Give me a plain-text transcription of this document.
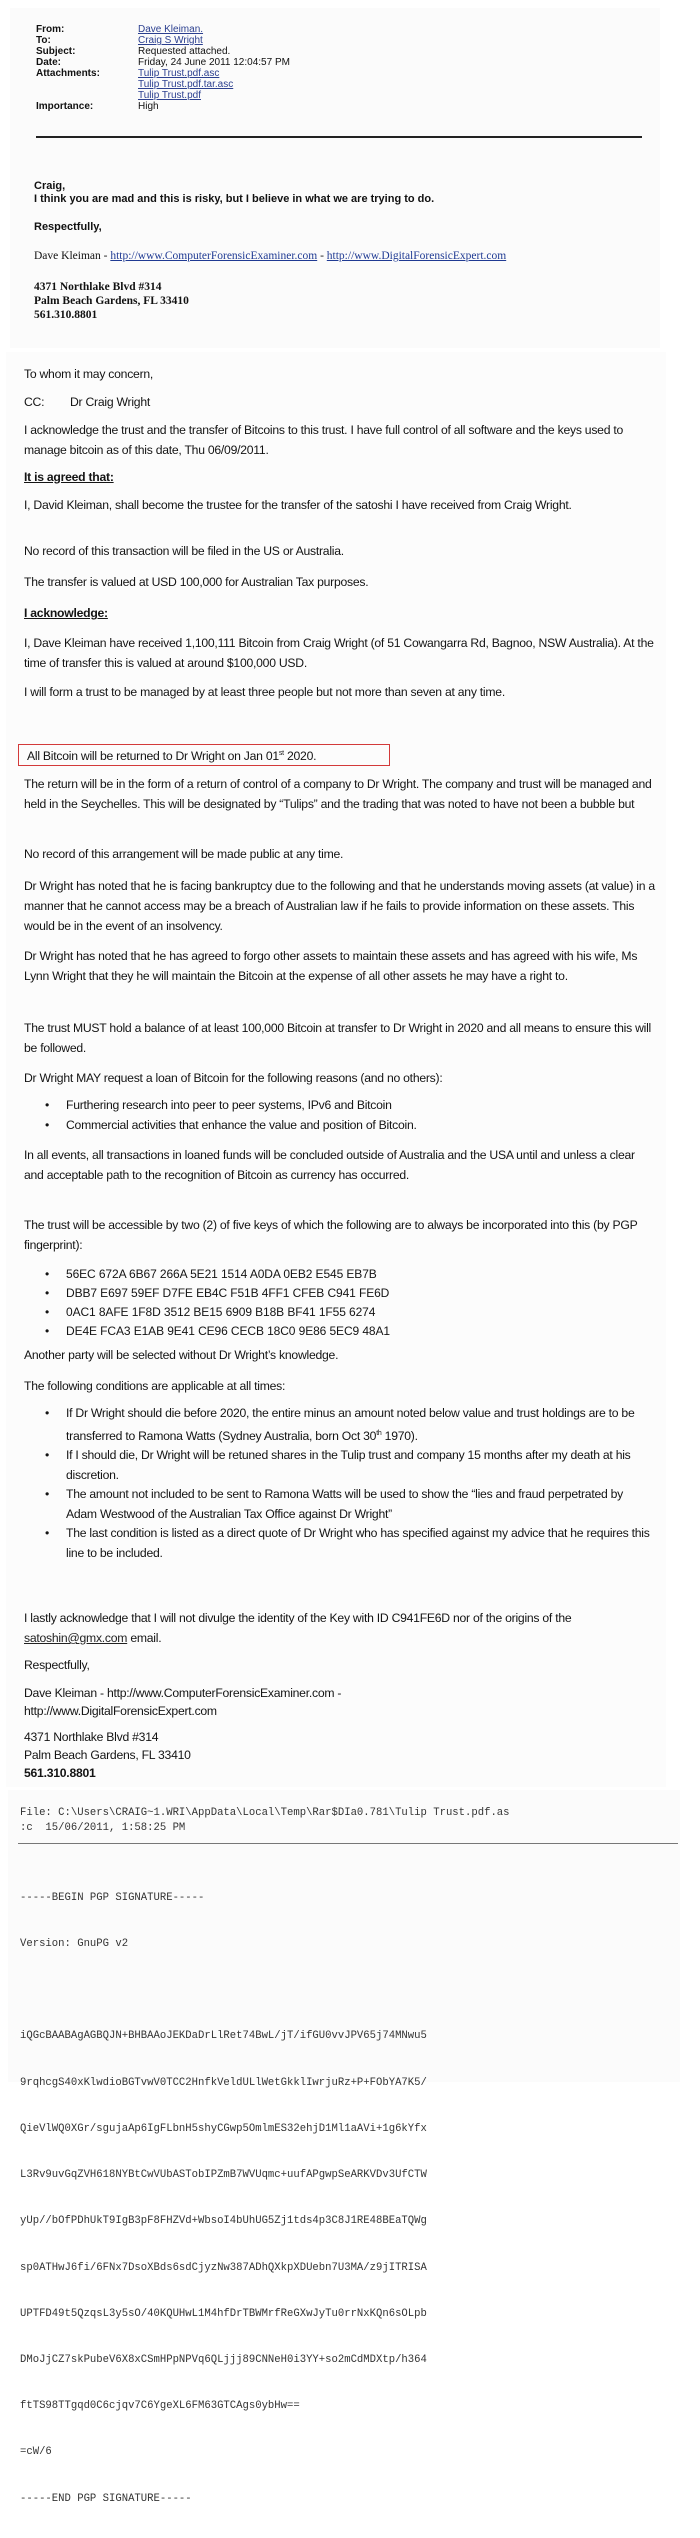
From:	Dave Kleiman.
To:	Craig S Wright
Subject:	Requested attached.
Date:	Friday, 24 June 2011 12:04:57 PM
Attachments:	Tulip Trust.pdf.asc
Tulip Trust.pdf.tar.asc
Tulip Trust.pdf
Importance:	High

Craig,

I think you are mad and this is risky, but I believe in what we are trying to do.

Respectfully,

Dave Kleiman - http://www.ComputerForensicExaminer.com - http://www.DigitalForensicExpert.com

4371 Northlake Blvd #314
Palm Beach Gardens, FL 33410
561.310.8801

To whom it may concern,
CC: Dr Craig Wright
I acknowledge the trust and the transfer of Bitcoins to this trust. I have full control of all software and the keys used to manage bitcoin as of this date, Thu 06/09/2011.
It is agreed that:
I, David Kleiman, shall become the trustee for the transfer of the satoshi I have received from Craig Wright.
No record of this transaction will be filed in the US or Australia.
The transfer is valued at USD 100,000 for Australian Tax purposes.
I acknowledge:
I, Dave Kleiman have received 1,100,111 Bitcoin from Craig Wright (of 51 Cowangarra Rd, Bagnoo, NSW Australia). At the time of transfer this is valued at around $100,000 USD.
I will form a trust to be managed by at least three people but not more than seven at any time.
All Bitcoin will be returned to Dr Wright on Jan 01st 2020.
The return will be in the form of a return of control of a company to Dr Wright. The company and trust will be managed and held in the Seychelles. This will be designated by “Tulips” and the trading that was noted to have not been a bubble but
No record of this arrangement will be made public at any time.
Dr Wright has noted that he is facing bankruptcy due to the following and that he understands moving assets (at value) in a manner that he cannot access may be a breach of Australian law if he fails to provide information on these assets. This would be in the event of an insolvency.
Dr Wright has noted that he has agreed to forgo other assets to maintain these assets and has agreed with his wife, Ms Lynn Wright that they he will maintain the Bitcoin at the expense of all other assets he may have a right to.
The trust MUST hold a balance of at least 100,000 Bitcoin at transfer to Dr Wright in 2020 and all means to ensure this will be followed.
Dr Wright MAY request a loan of Bitcoin for the following reasons (and no others):
• Furthering research into peer to peer systems, IPv6 and Bitcoin
• Commercial activities that enhance the value and position of Bitcoin.
In all events, all transactions in loaned funds will be concluded outside of Australia and the USA until and unless a clear and acceptable path to the recognition of Bitcoin as currency has occurred.
The trust will be accessible by two (2) of five keys of which the following are to always be incorporated into this (by PGP fingerprint):
• 56EC 672A 6B67 266A 5E21 1514 A0DA 0EB2 E545 EB7B
• DBB7 E697 59EF D7FE EB4C F51B 4FF1 CFEB C941 FE6D
• 0AC1 8AFE 1F8D 3512 BE15 6909 B18B BF41 1F55 6274
• DE4E FCA3 E1AB 9E41 CE96 CECB 18C0 9E86 5EC9 48A1
Another party will be selected without Dr Wright’s knowledge.
The following conditions are applicable at all times:
• If Dr Wright should die before 2020, the entire minus an amount noted below value and trust holdings are to be transferred to Ramona Watts (Sydney Australia, born Oct 30th 1970).
• If I should die, Dr Wright will be retuned shares in the Tulip trust and company 15 months after my death at his discretion.
• The amount not included to be sent to Ramona Watts will be used to show the “lies and fraud perpetrated by Adam Westwood of the Australian Tax Office against Dr Wright”
• The last condition is listed as a direct quote of Dr Wright who has specified against my advice that he requires this line to be included.
I lastly acknowledge that I will not divulge the identity of the Key with ID C941FE6D nor of the origins of the satoshin@gmx.com email.
Respectfully,
Dave Kleiman - http://www.ComputerForensicExaminer.com -
http://www.DigitalForensicExpert.com
4371 Northlake Blvd #314
Palm Beach Gardens, FL 33410
561.310.8801
File: C:\Users\CRAIG~1.WRI\AppData\Local\Temp\Rar$DIa0.781\Tulip Trust.pdf.as
:c  15/06/2011, 1:58:25 PM

-----BEGIN PGP SIGNATURE-----

Version: GnuPG v2

iQGcBAABAgAGBQJN+BHBAAoJEKDaDrLlRet74BwL/jT/ifGU0vvJPV65j74MNwu5

9rqhcgS40xKlwdioBGTvwV0TCC2HnfkVeldULlWetGkklIwrjuRz+P+FObYA7K5/

QieVlWQ0XGr/sgujaAp6IgFLbnH5shyCGwp5OmlmES32ehjD1Ml1aAVi+1g6kYfx

L3Rv9uvGqZVH618NYBtCwVUbASTobIPZmB7WVUqmc+uufAPgwpSeARKVDv3UfCTW

yUp//bOfPDhUkT9IgB3pF8FHZVd+WbsoI4bUhUG5Zj1tds4p3C8J1RE48BEaTQWg

sp0ATHwJ6fi/6FNx7DsoXBds6sdCjyzNw387ADhQXkpXDUebn7U3MA/z9jITRISA

UPTFD49t5QzqsL3y5sO/40KQUHwL1M4hfDrTBWMrfReGXwJyTu0rrNxKQn6sOLpb

DMoJjCZ7skPubeV6X8xCSmHPpNPVq6QLjjj89CNNeH0i3YY+so2mCdMDXtp/h364

ftTS98TTgqd0C6cjqv7C6YgeXL6FM63GTCAgs0ybHw==

=cW/6

-----END PGP SIGNATURE-----
